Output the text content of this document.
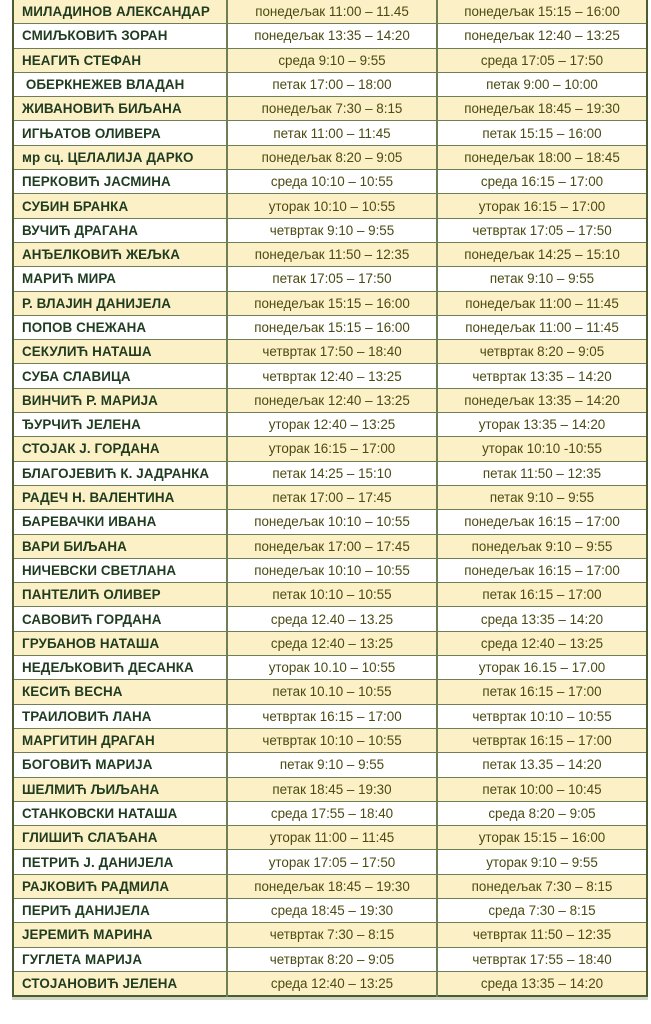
МИЛАДИНОВ АЛЕКСАНДАР	понедељак 11:00 – 11.45	понедељак 15:15 – 16:00
СМИЉКОВИЋ ЗОРАН	понедељак 13:35 – 14:20	понедељак 12:40 – 13:25
НЕАГИЋ СТЕФАН	среда 9:10 – 9:55	среда 17:05 – 17:50
ОБЕРКНЕЖЕВ ВЛАДАН	петак 17:00 – 18:00	петак 9:00 – 10:00
ЖИВАНОВИЋ БИЉАНА	понедељак 7:30 – 8:15	понедељак 18:45 – 19:30
ИГЊАТОВ ОЛИВЕРА	петак 11:00 – 11:45	петак 15:15 – 16:00
мр сц. ЦЕЛАЛИЈА ДАРКО	понедељак 8:20 – 9:05	понедељак 18:00 – 18:45
ПЕРКОВИЋ ЈАСМИНА	среда 10:10 – 10:55	среда 16:15 – 17:00
СУБИН БРАНКА	уторак 10:10 – 10:55	уторак 16:15 – 17:00
ВУЧИЋ ДРАГАНА	четвртак 9:10 – 9:55	четвртак 17:05 – 17:50
АНЂЕЛКОВИЋ ЖЕЉКА	понедељак 11:50 – 12:35	понедељак 14:25 – 15:10
МАРИЋ МИРА	петак 17:05 – 17:50	петак 9:10 – 9:55
Р. ВЛАЈИН ДАНИЈЕЛА	понедељак 15:15 – 16:00	понедељак 11:00 – 11:45
ПОПОВ СНЕЖАНА	понедељак 15:15 – 16:00	понедељак 11:00 – 11:45
СЕКУЛИЋ НАТАША	четвртак 17:50 – 18:40	четвртак 8:20 – 9:05
СУБА СЛАВИЦА	четвртак 12:40 – 13:25	четвртак 13:35 – 14:20
ВИНЧИЋ Р. МАРИЈА	понедељак 12:40 – 13:25	понедељак 13:35 – 14:20
ЂУРЧИЋ ЈЕЛЕНА	уторак 12:40 – 13:25	уторак 13:35 – 14:20
СТОЈАК Ј. ГОРДАНА	уторак 16:15 – 17:00	уторак 10:10 -10:55
БЛАГОЈЕВИЋ К. ЈАДРАНКА	петак 14:25 – 15:10	петак 11:50 – 12:35
РАДЕЧ Н. ВАЛЕНТИНА	петак 17:00 – 17:45	петак 9:10 – 9:55
БАРЕВАЧКИ ИВАНА	понедељак 10:10 – 10:55	понедељак 16:15 – 17:00
ВАРИ БИЉАНА	понедељак 17:00 – 17:45	понедељак 9:10 – 9:55
НИЧЕВСКИ СВЕТЛАНА	понедељак 10:10 – 10:55	понедељак 16:15 – 17:00
ПАНТЕЛИЋ ОЛИВЕР	петак 10:10 – 10:55	петак 16:15 – 17:00
САВОВИЋ ГОРДАНА	среда 12.40 – 13.25	среда 13:35 – 14:20
ГРУБАНОВ НАТАША	среда 12:40 – 13:25	среда 12:40 – 13:25
НЕДЕЉКОВИЋ ДЕСАНКА	уторак 10.10 – 10:55	уторак 16.15 – 17.00
КЕСИЋ ВЕСНА	петак 10.10 – 10:55	петак 16:15 – 17:00
ТРАИЛОВИЋ ЛАНА	четвртак 16:15 – 17:00	четвртак 10:10 – 10:55
МАРГИТИН ДРАГАН	четвртак 10:10 – 10:55	четвртак 16:15 – 17:00
БОГОВИЋ МАРИЈА	петак 9:10 – 9:55	петак 13.35 – 14:20
ШЕЛМИЋ ЉИЉАНА	петак 18:45 – 19:30	петак 10:00 – 10:45
СТАНКОВСКИ НАТАША	среда 17:55 – 18:40	среда 8:20 – 9:05
ГЛИШИЋ СЛАЂАНА	уторак 11:00 – 11:45	уторак 15:15 – 16:00
ПЕТРИЋ Ј. ДАНИЈЕЛА	уторак 17:05 – 17:50	уторак 9:10 – 9:55
РАЈКОВИЋ РАДМИЛА	понедељак 18:45 – 19:30	понедељак 7:30 – 8:15
ПЕРИЋ ДАНИЈЕЛА	среда 18:45 – 19:30	среда 7:30 – 8:15
ЈЕРЕМИЋ МАРИНА	четвртак 7:30 – 8:15	четвртак 11:50 – 12:35
ГУГЛЕТА МАРИЈА	четвртак 8:20 – 9:05	четвртак 17:55 – 18:40
СТОЈАНОВИЋ ЈЕЛЕНА	среда 12:40 – 13:25	среда 13:35 – 14:20
